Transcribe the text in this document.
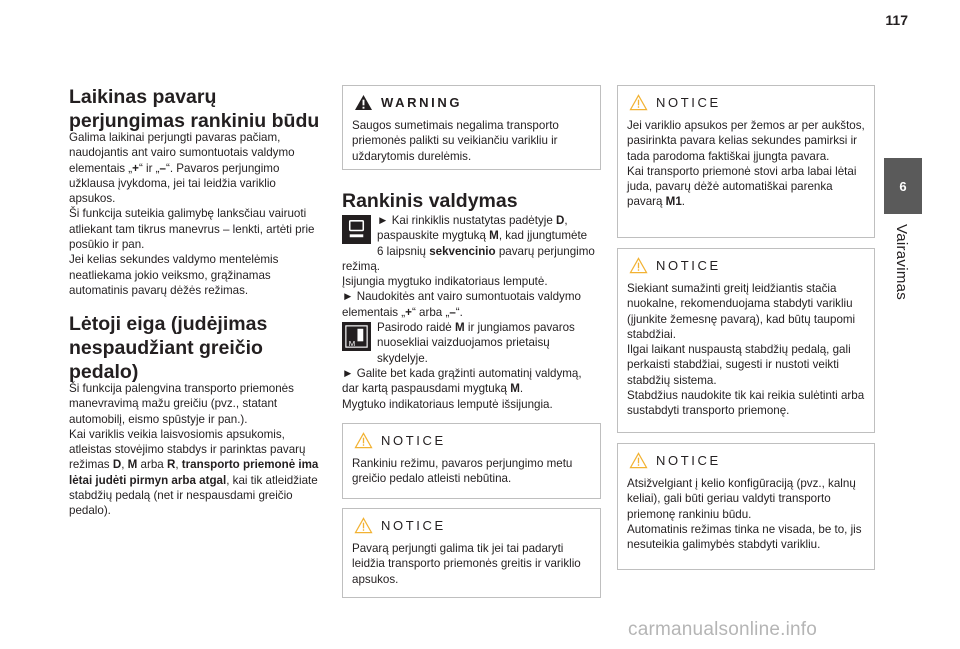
117
6
Vairavimas
Laikinas pavarų perjungimas rankiniu būdu

Galima laikinai perjungti pavaras pačiam, naudojantis ant vairo sumontuotais valdymo elementais „+“ ir „–“. Pavaros perjungimo užklausa įvykdoma, jei tai leidžia variklio apsukos.

Ši funkcija suteikia galimybę lanksčiau vairuoti atliekant tam tikrus manevrus – lenkti, artėti prie posūkio ir pan.

Jei kelias sekundes valdymo mentelėmis neatliekama jokio veiksmo, grąžinamas automatinis pavarų dėžės režimas.

Lėtoji eiga (judėjimas nespaudžiant greičio pedalo)

Ši funkcija palengvina transporto priemonės manevravimą mažu greičiu (pvz., statant automobilį, eismo spūstyje ir pan.).

Kai variklis veikia laisvosiomis apsukomis, atleistas stovėjimo stabdys ir parinktas pavarų režimas D, M arba R, transporto priemonė ima lėtai judėti pirmyn arba atgal, kai tik atleidžiate stabdžių pedalą (net ir nespausdami greičio pedalo).

WARNING
Saugos sumetimais negalima transporto priemonės palikti su veikiančiu varikliu ir uždarytomis durelėmis.
Rankinis valdymas

► Kai rinkiklis nustatytas padėtyje D, paspauskite mygtuką M, kad įjungtumėte 6 laipsnių sekvencinio pavarų perjungimo režimą.

Įsijungia mygtuko indikatoriaus lemputė.

► Naudokitės ant vairo sumontuotais valdymo elementais „+“ arba „–“.

M
Pasirodo raidė M ir jungiamos pavaros nuosekliai vaizduojamos prietaisų skydelyje.

► Galite bet kada grąžinti automatinį valdymą, dar kartą paspausdami mygtuką M.

Mygtuko indikatoriaus lemputė išsijungia.

NOTICE
Rankiniu režimu, pavaros perjungimo metu greičio pedalo atleisti nebūtina.
NOTICE
Pavarą perjungti galima tik jei tai padaryti leidžia transporto priemonės greitis ir variklio apsukos.
NOTICE

Jei variklio apsukos per žemos ar per aukštos, pasirinkta pavara kelias sekundes pamirksi ir tada parodoma faktiškai įjungta pavara.

Kai transporto priemonė stovi arba labai lėtai juda, pavarų dėžė automatiškai parenka pavarą M1.

NOTICE

Siekiant sumažinti greitį leidžiantis stačia nuokalne, rekomenduojama stabdyti varikliu (įjunkite žemesnę pavarą), kad būtų taupomi stabdžiai.

Ilgai laikant nuspaustą stabdžių pedalą, gali perkaisti stabdžiai, sugesti ir nustoti veikti stabdžių sistema.

Stabdžius naudokite tik kai reikia sulėtinti arba sustabdyti transporto priemonę.

NOTICE

Atsižvelgiant į kelio konfigūraciją (pvz., kalnų keliai), gali būti geriau valdyti transporto priemonę rankiniu būdu.

Automatinis režimas tinka ne visada, be to, jis nesuteikia galimybės stabdyti varikliu.

carmanualsonline.info
